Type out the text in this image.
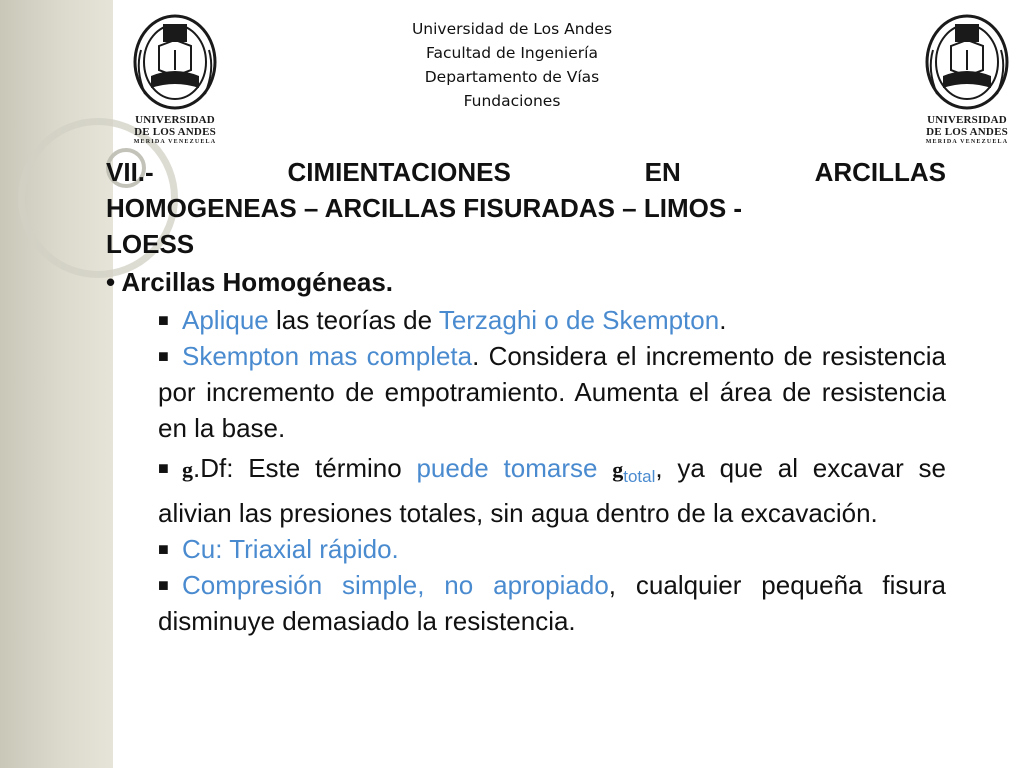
UNIVERSIDAD
DE LOS ANDES
MERIDA VENEZUELA
UNIVERSIDAD
DE LOS ANDES
MERIDA VENEZUELA
Universidad de Los Andes
Facultad de Ingeniería
Departamento de Vías
Fundaciones
VII.-	CIMIENTACIONES	EN	ARCILLAS
HOMOGENEAS – ARCILLAS FISURADAS – LIMOS -
LOESS
• Arcillas Homogéneas.
■ Aplique las teorías de Terzaghi o de Skempton.
■ Skempton mas completa. Considera el incremento de resistencia por incremento de empotramiento. Aumenta el área de resistencia en la base.
■ g.Df: Este término puede tomarse gtotal, ya que al excavar se alivian las presiones totales, sin agua dentro de la excavación.
■ Cu: Triaxial rápido.
■ Compresión simple, no apropiado, cualquier pequeña fisura disminuye demasiado la resistencia.
